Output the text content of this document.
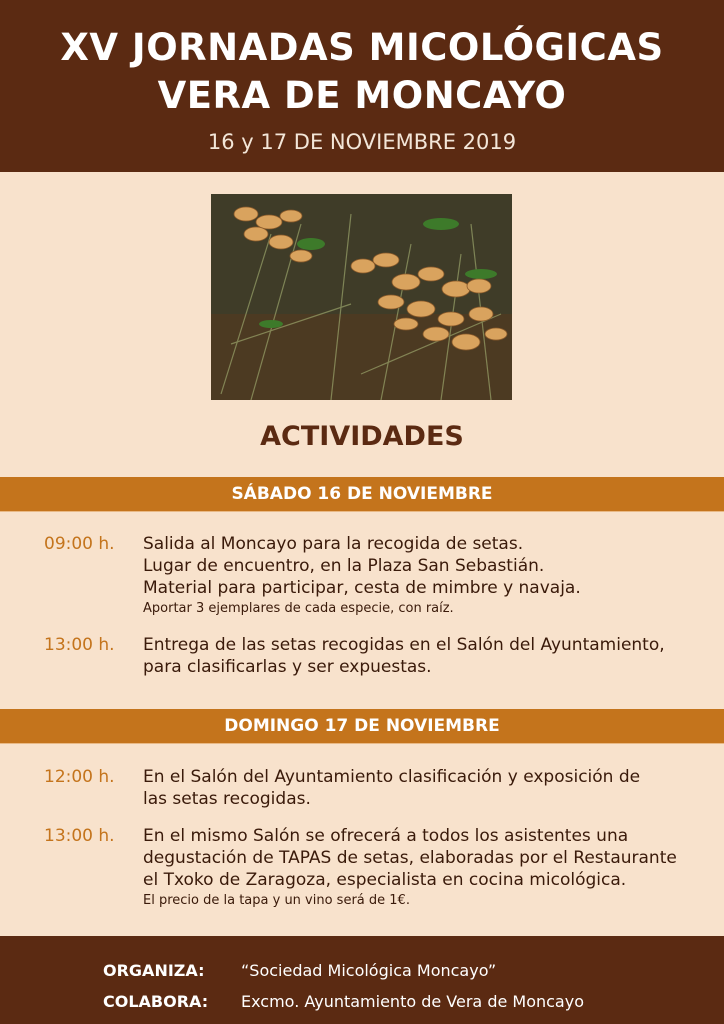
XV JORNADAS MICOLÓGICAS
VERA DE MONCAYO
16 y 17 DE NOVIEMBRE 2019
ACTIVIDADES
SÁBADO 16 DE NOVIEMBRE
09:00 h. Salida al Moncayo para la recogida de setas.
Lugar de encuentro, en la Plaza San Sebastián.
Material para participar, cesta de mimbre y navaja.
Aportar 3 ejemplares de cada especie, con raíz.
13:00 h. Entrega de las setas recogidas en el Salón del Ayuntamiento,
para clasificarlas y ser expuestas.
DOMINGO 17 DE NOVIEMBRE
12:00 h. En el Salón del Ayuntamiento clasificación y exposición de
las setas recogidas.
13:00 h. En el mismo Salón se ofrecerá a todos los asistentes una
degustación de TAPAS de setas, elaboradas por el Restaurante
el Txoko de Zaragoza, especialista en cocina micológica.
El precio de la tapa y un vino será de 1€.
ORGANIZA: “Sociedad Micológica Moncayo”
COLABORA: Excmo. Ayuntamiento de Vera de Moncayo
